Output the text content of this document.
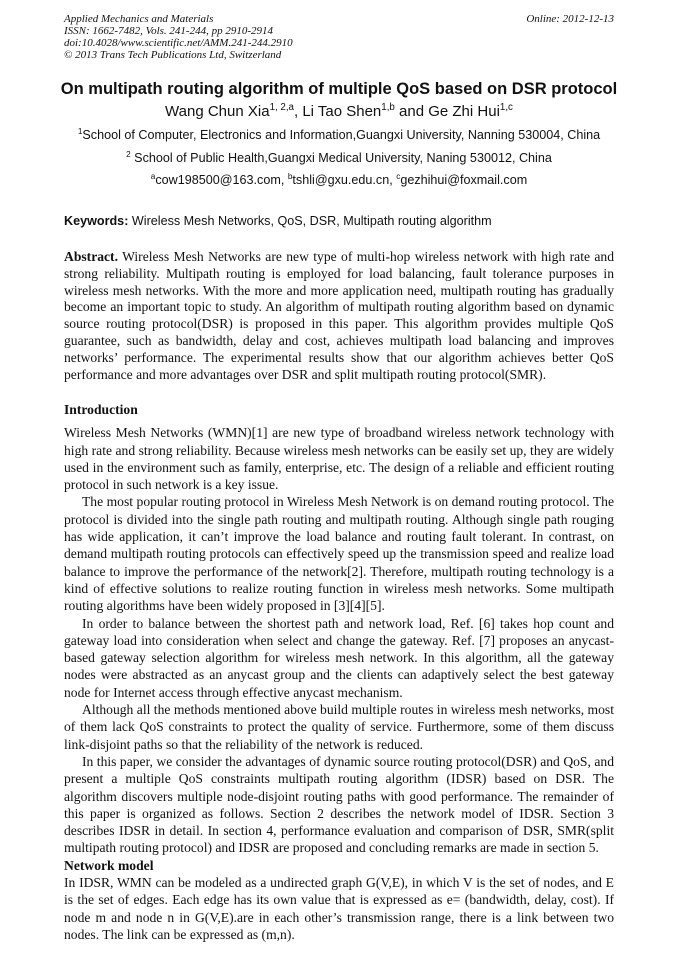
Applied Mechanics and Materials
ISSN: 1662-7482, Vols. 241-244, pp 2910-2914
doi:10.4028/www.scientific.net/AMM.241-244.2910
© 2013 Trans Tech Publications Ltd, Switzerland
Online: 2012-12-13
On multipath routing algorithm of multiple QoS based on DSR protocol
Wang Chun Xia$^{1, 2,a}$, Li Tao Shen$^{1,b}$ and Ge Zhi Hui$^{1,c}$
$^1$School of Computer, Electronics and Information,Guangxi University, Nanning 530004, China
$^2$ School of Public Health,Guangxi Medical University, Naning 530012, China
$^a$cow198500@163.com, $^b$tshli@gxu.edu.cn, $^c$gezhihui@foxmail.com
Keywords: Wireless Mesh Networks, QoS, DSR, Multipath routing algorithm

Abstract. Wireless Mesh Networks are new type of multi-hop wireless network with high rate and strong reliability. Multipath routing is employed for load balancing, fault tolerance purposes in wireless mesh networks. With the more and more application need, multipath routing has gradually become an important topic to study. An algorithm of multipath routing algorithm based on dynamic source routing protocol(DSR) is proposed in this paper. This algorithm provides multiple QoS guarantee, such as bandwidth, delay and cost, achieves multipath load balancing and improves networks’ performance. The experimental results show that our algorithm achieves better QoS performance and more advantages over DSR and split multipath routing protocol(SMR).

Introduction

Wireless Mesh Networks (WMN)[1] are new type of broadband wireless network technology with high rate and strong reliability. Because wireless mesh networks can be easily set up, they are widely used in the environment such as family, enterprise, etc. The design of a reliable and efficient routing protocol in such network is a key issue.

The most popular routing protocol in Wireless Mesh Network is on demand routing protocol. The protocol is divided into the single path routing and multipath routing. Although single path rouging has wide application, it can’t improve the load balance and routing fault tolerant. In contrast, on demand multipath routing protocols can effectively speed up the transmission speed and realize load balance to improve the performance of the network[2]. Therefore, multipath routing technology is a kind of effective solutions to realize routing function in wireless mesh networks. Some multipath routing algorithms have been widely proposed in [3][4][5].

In order to balance between the shortest path and network load, Ref. [6] takes hop count and gateway load into consideration when select and change the gateway. Ref. [7] proposes an anycast-based gateway selection algorithm for wireless mesh network. In this algorithm, all the gateway nodes were abstracted as an anycast group and the clients can adaptively select the best gateway node for Internet access through effective anycast mechanism.

Although all the methods mentioned above build multiple routes in wireless mesh networks, most of them lack QoS constraints to protect the quality of service. Furthermore, some of them discuss link-disjoint paths so that the reliability of the network is reduced.

In this paper, we consider the advantages of dynamic source routing protocol(DSR) and QoS, and present a multiple QoS constraints multipath routing algorithm (IDSR) based on DSR. The algorithm discovers multiple node-disjoint routing paths with good performance. The remainder of this paper is organized as follows. Section 2 describes the network model of IDSR. Section 3 describes IDSR in detail. In section 4, performance evaluation and comparison of DSR, SMR(split multipath routing protocol) and IDSR are proposed and concluding remarks are made in section 5.

Network model

In IDSR, WMN can be modeled as a undirected graph G(V,E), in which V is the set of nodes, and E is the set of edges. Each edge has its own value that is expressed as e= (bandwidth, delay, cost). If node m and node n in G(V,E).are in each other’s transmission range, there is a link between two nodes. The link can be expressed as (m,n).
